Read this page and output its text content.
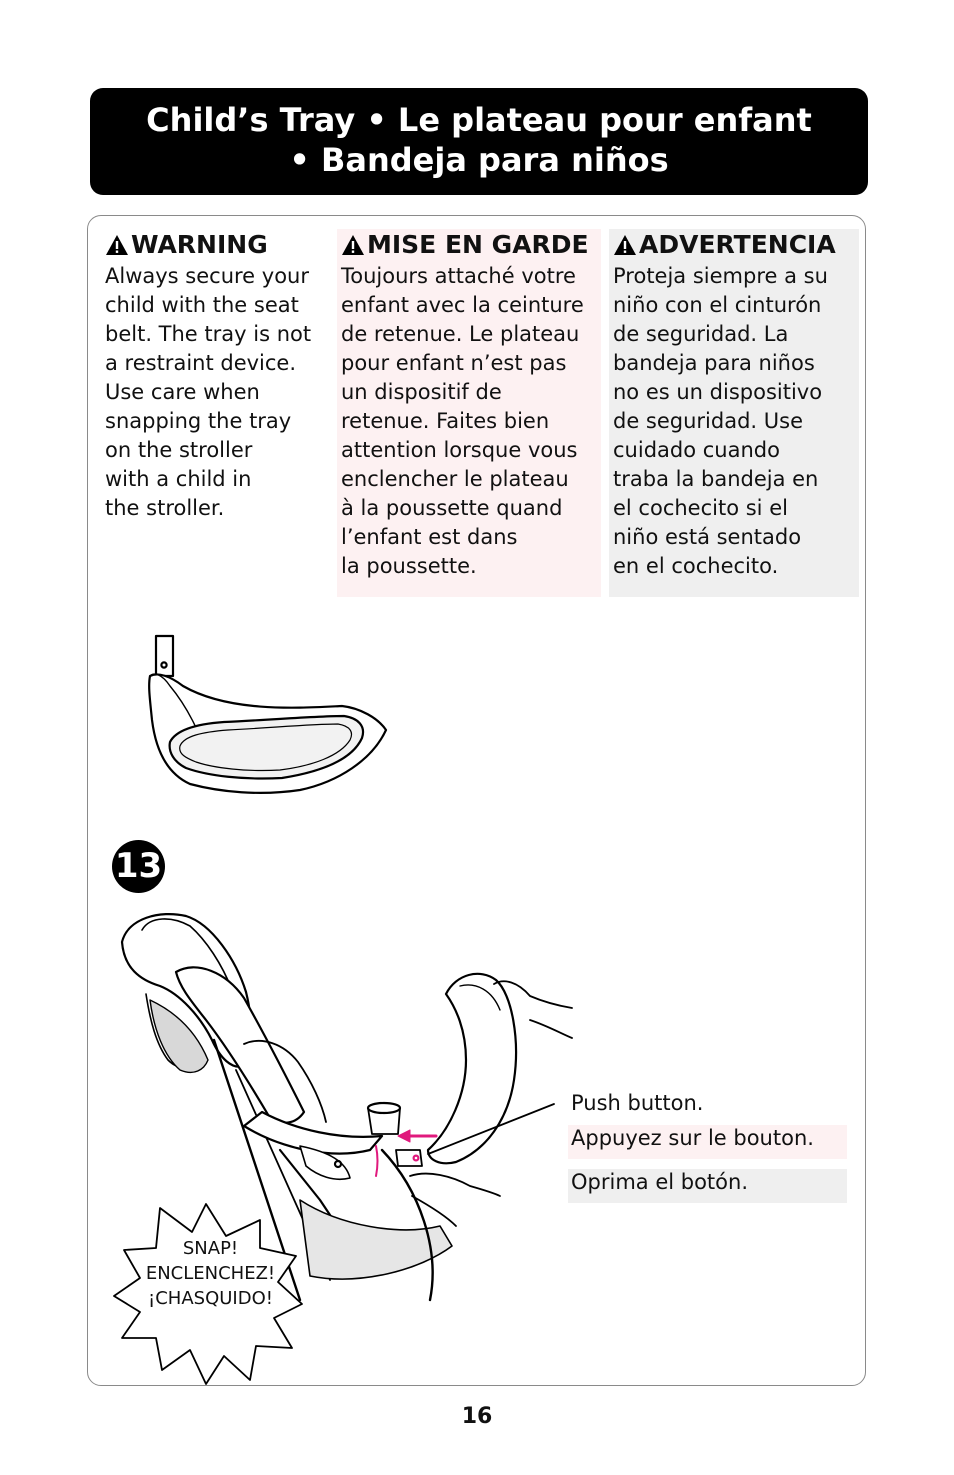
Child’s Tray • Le plateau pour enfant
• Bandeja para niños
WARNING
Always secure your
child with the seat
belt. The tray is not
a restraint device.
Use care when
snapping the tray
on the stroller
with a child in
the stroller.
MISE EN GARDE
Toujours attaché votre
enfant avec la ceinture
de retenue. Le plateau
pour enfant n’est pas
un dispositif de
retenue. Faites bien
attention lorsque vous
enclencher le plateau
à la poussette quand
l’enfant est dans
la poussette.
ADVERTENCIA
Proteja siempre a su
niño con el cinturón
de seguridad. La
bandeja para niños
no es un dispositivo
de seguridad. Use
cuidado cuando
traba la bandeja en
el cochecito si el
niño está sentado
en el cochecito.
13
Push button.
Appuyez sur le bouton.
Oprima el botón.
SNAP!
ENCLENCHEZ!
¡CHASQUIDO!
16
